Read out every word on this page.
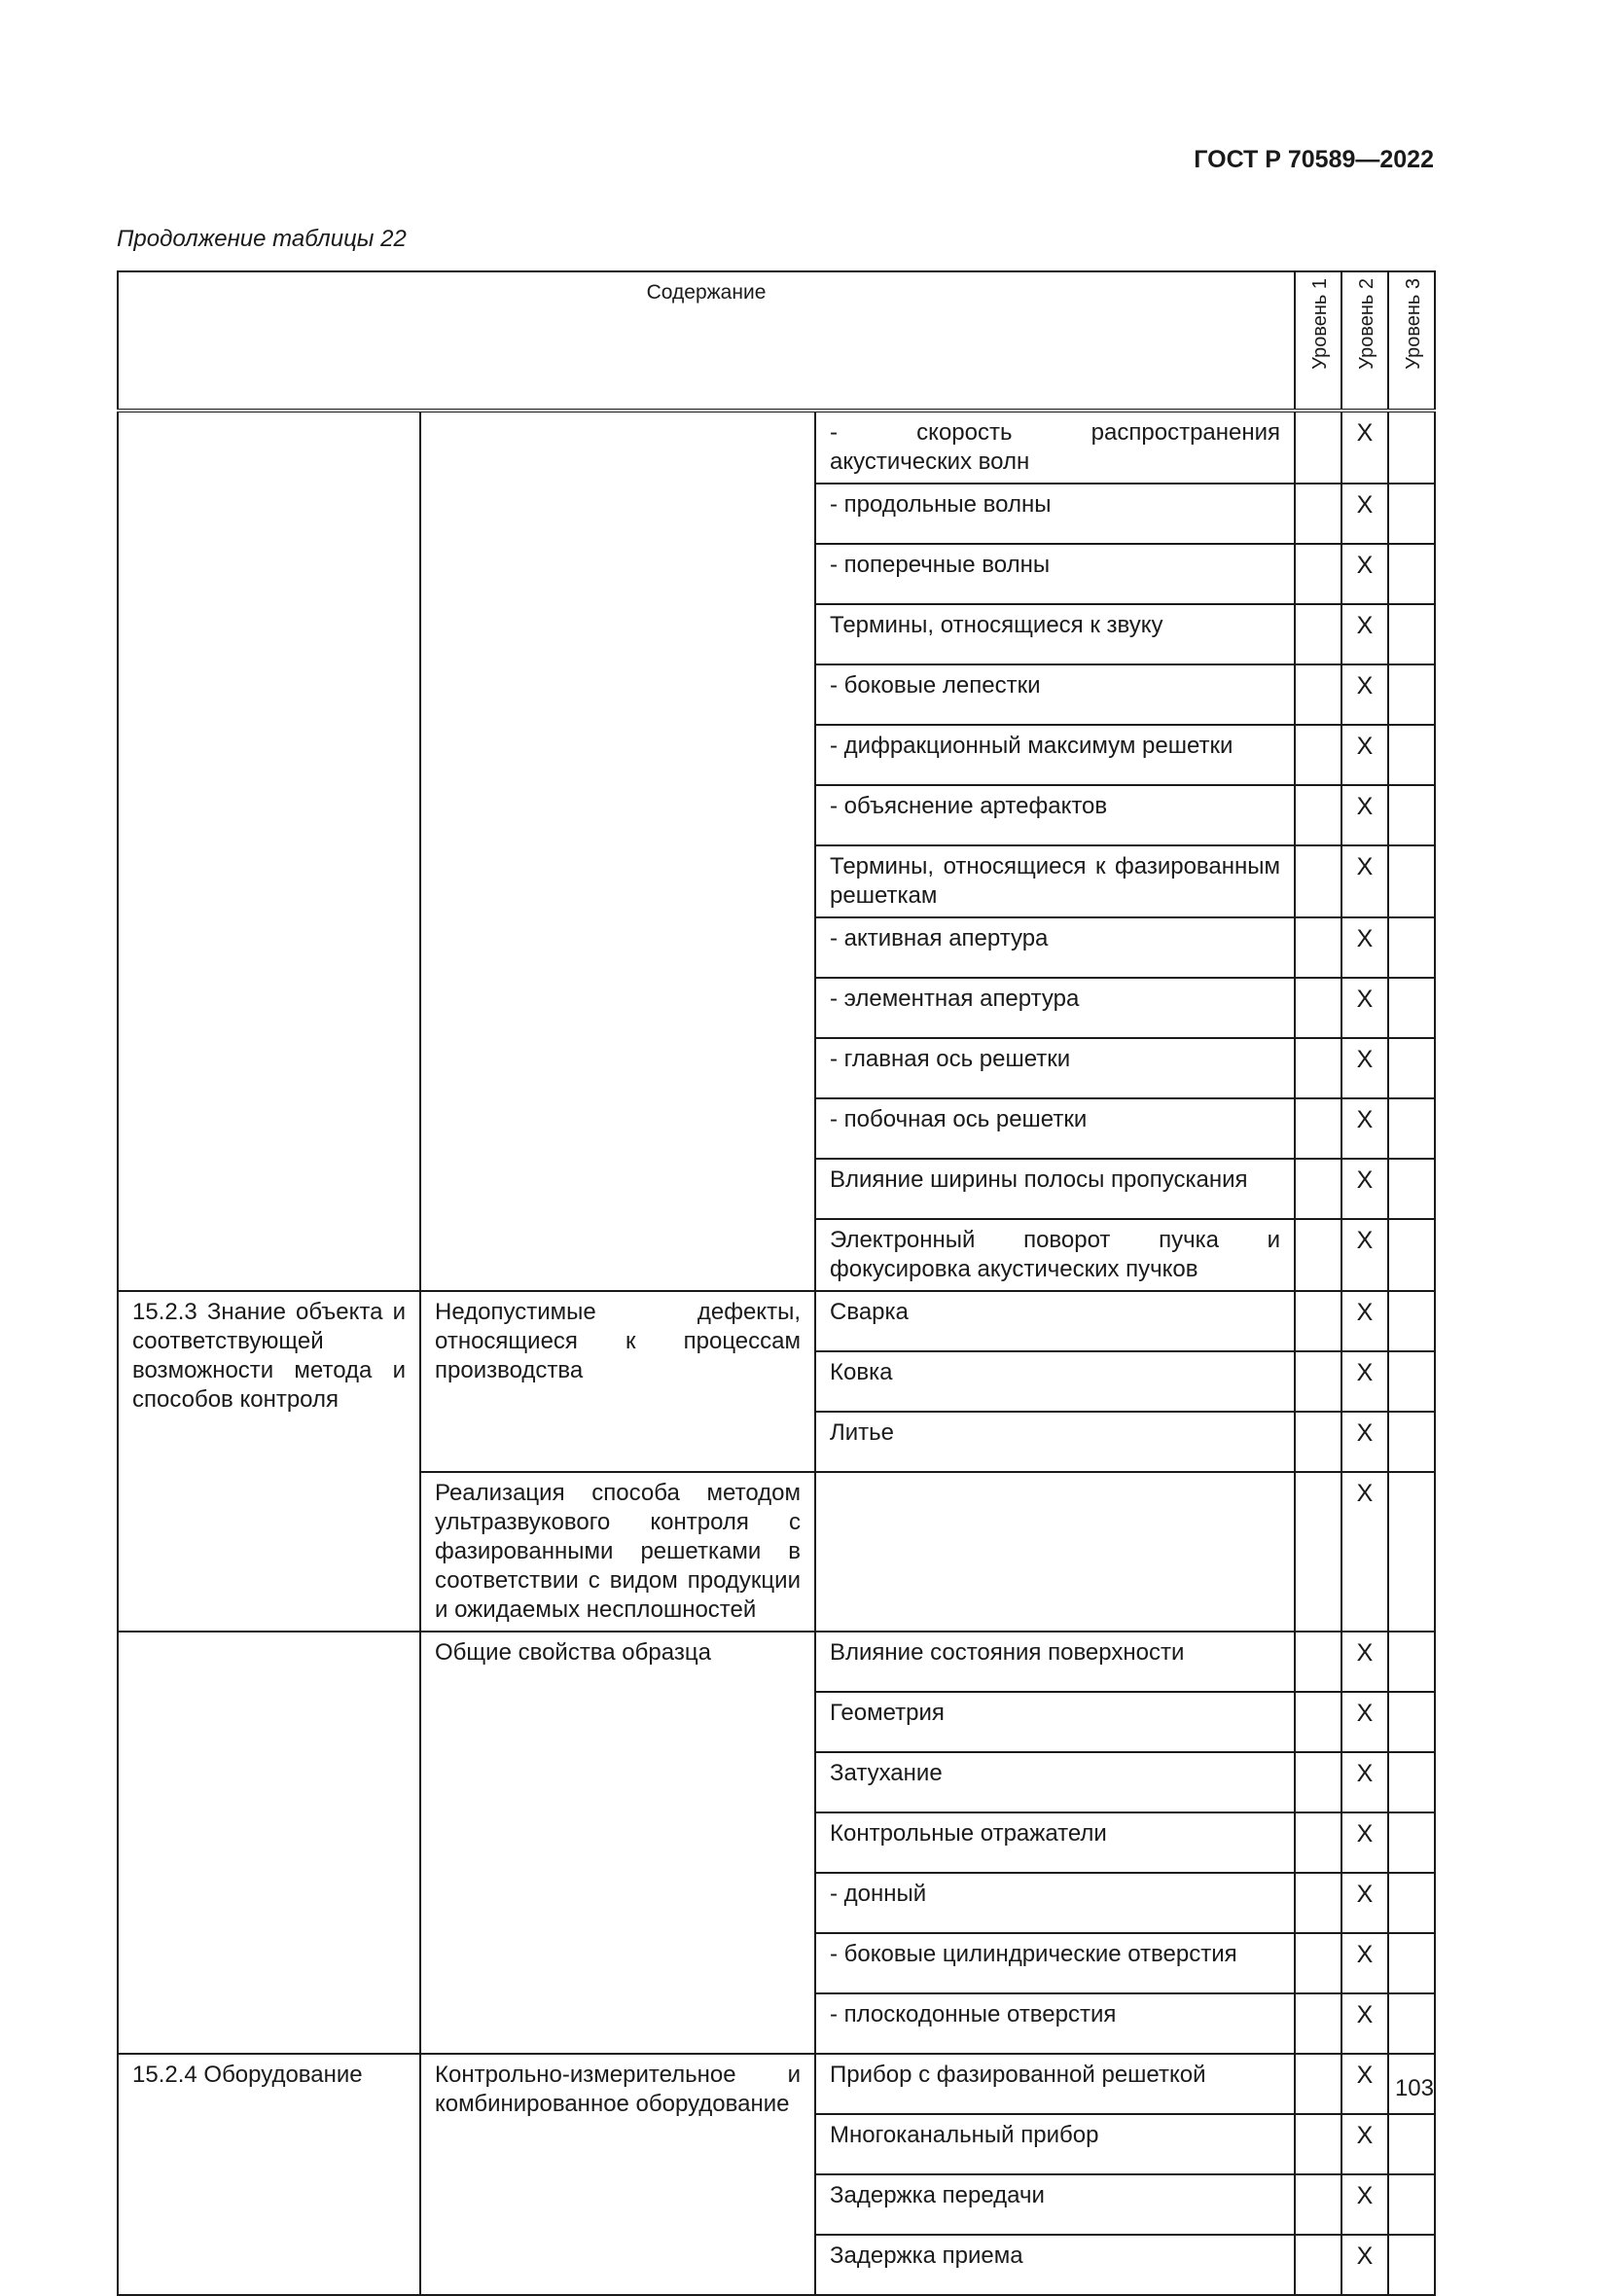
ГОСТ Р 70589—2022
Продолжение таблицы 22
Содержание			Уровень 1	Уровень 2	Уровень 3
		- скорость распространения акустических волн		X	
		- продольные волны		X	
		- поперечные волны		X	
		Термины, относящиеся к звуку		X	
		- боковые лепестки		X	
		- дифракционный максимум решетки		X	
		- объяснение артефактов		X	
		Термины, относящиеся к фазированным решеткам		X	
		- активная апертура		X	
		- элементная апертура		X	
		- главная ось решетки		X	
		- побочная ось решетки		X	
		Влияние ширины полосы пропускания		X	
		Электронный поворот пучка и фокусировка акустических пучков		X	
15.2.3 Знание объекта и соответствующей возможности метода и способов контроля	Недопустимые дефекты, относящиеся к процессам производства	Сварка		X	
		Ковка		X	
		Литье		X	
	Реализация способа методом ультразвукового контроля с фазированными решетками в соответствии с видом продукции и ожидаемых несплошностей			X	
	Общие свойства образца	Влияние состояния поверхности		X	
		Геометрия		X	
		Затухание		X	
		Контрольные отражатели		X	
		- донный		X	
		- боковые цилиндрические отверстия		X	
		- плоскодонные отверстия		X	
15.2.4 Оборудование	Контрольно-измерительное и комбинированное оборудование	Прибор с фазированной решеткой		X	
		Многоканальный прибор		X	
		Задержка передачи		X	
		Задержка приема		X	
103
